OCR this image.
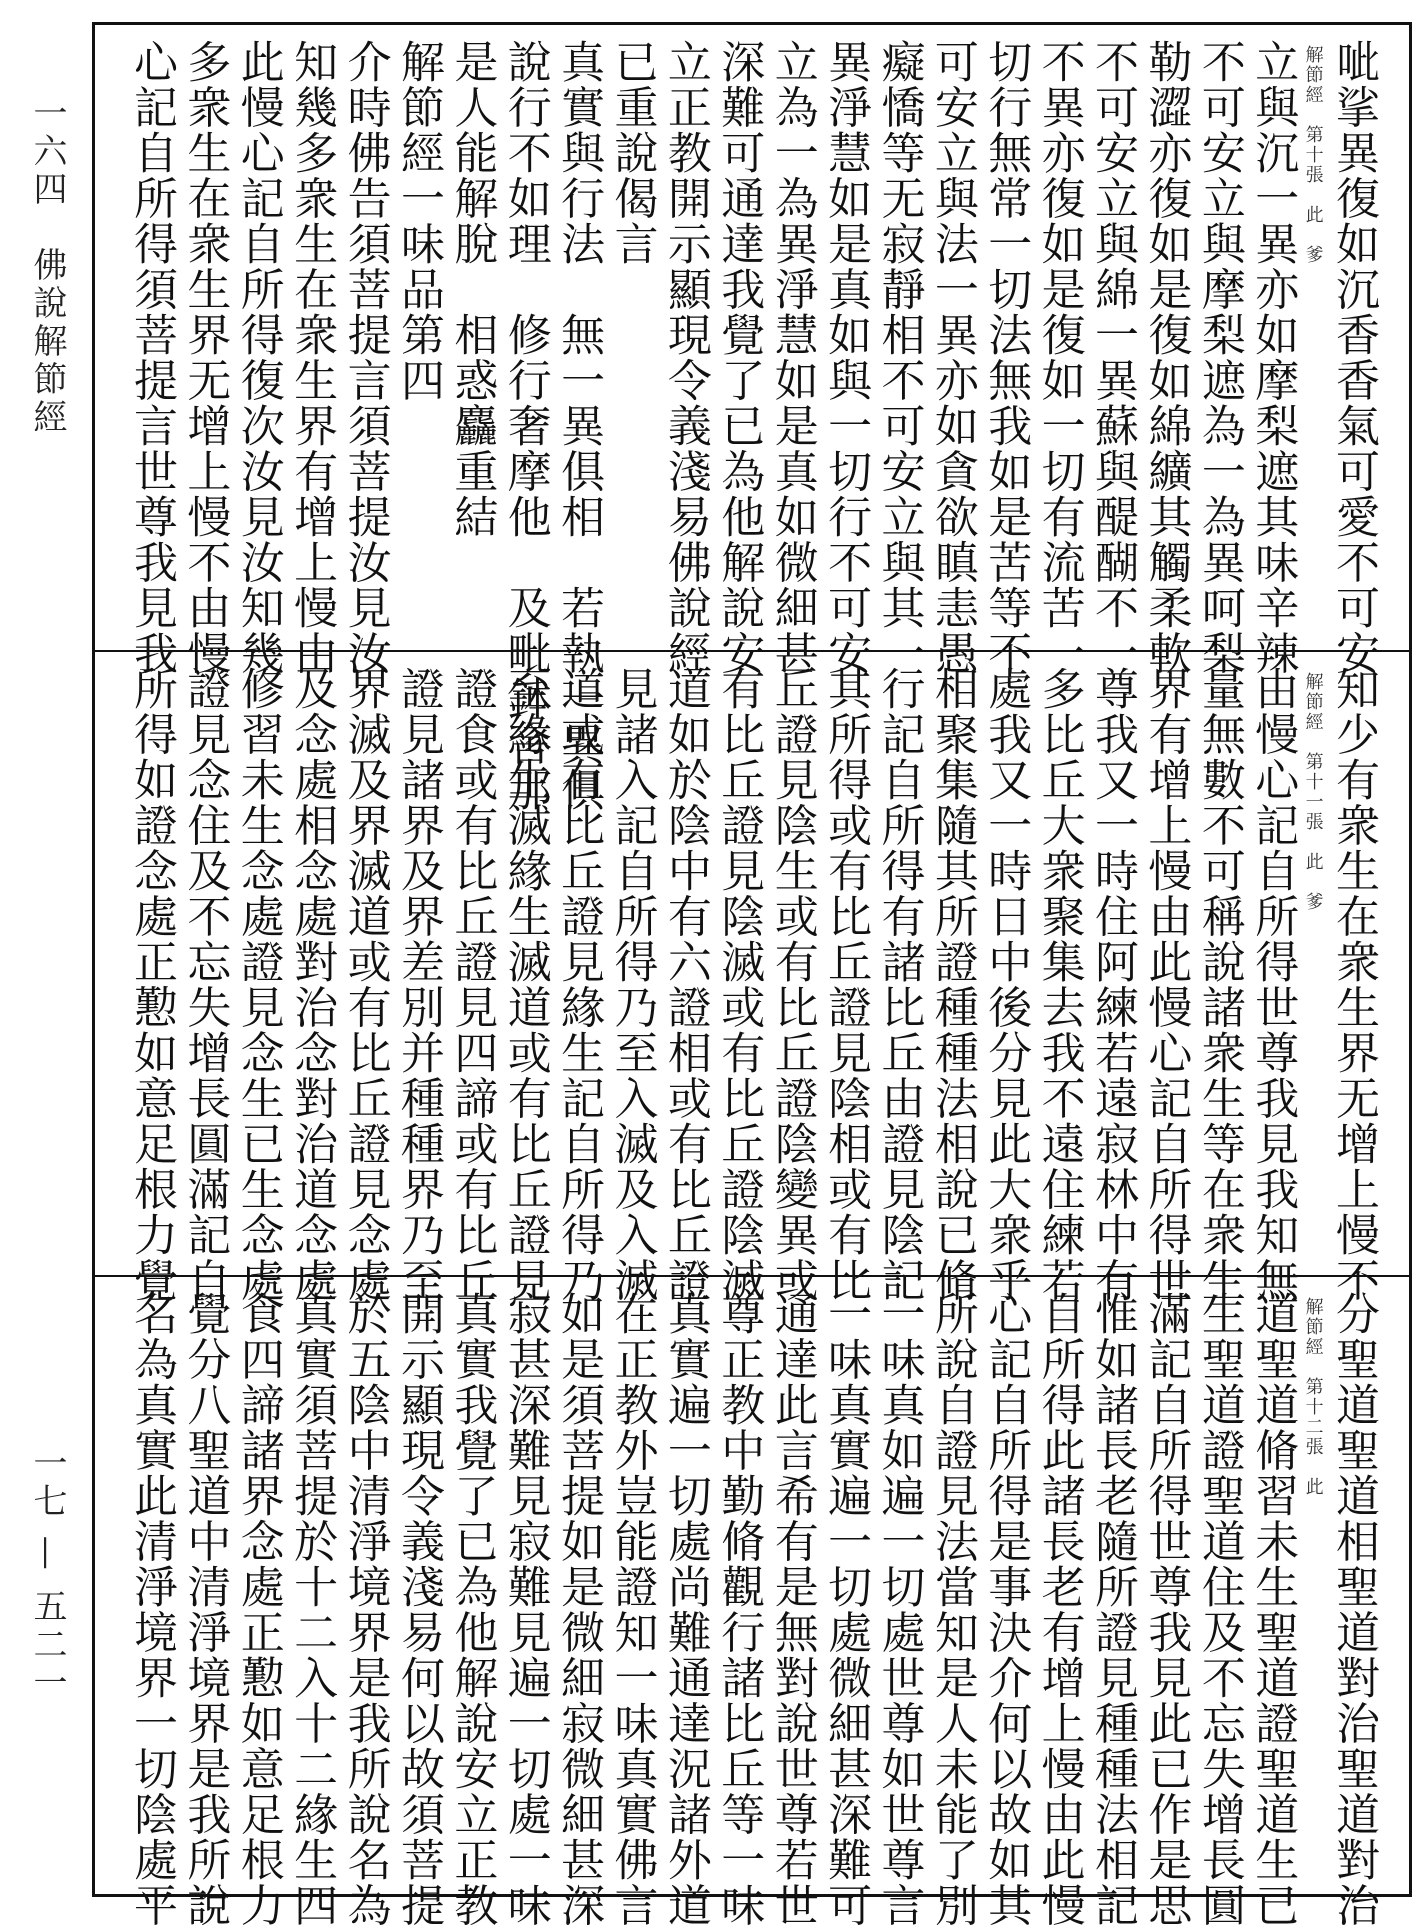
一六四　佛說解節經
一七 — 五二一
呲挲異復如沉香香氣可愛不可安
解節經　第十張　此　爹
立與沉一異亦如摩梨遮其味辛辣
不可安立與摩梨遮為一為異呵梨
勒澀亦復如是復如綿纊其觸柔軟
不可安立與綿一異蘇與醍醐不一
不異亦復如是復如一切有流苦一
切行無常一切法無我如是苦等不
可安立與法一異亦如貪欲瞋恚愚
癡憍等无寂靜相不可安立與其一
異淨慧如是真如與一切行不可安
立為一為異淨慧如是真如微細甚
深難可通達我覺了已為他解說安
立正教開示顯現令義淺易佛說經
已重說偈言
真實與行法　無一異俱相　若執一異俱
說行不如理　修行奢摩他　及毗鉢舍那
是人能解脫　相惑麤重結
解節經一味品第四
介時佛告須菩提言須菩提汝見汝
知幾多衆生在衆生界有增上慢由
此慢心記自所得復次汝見汝知幾
多衆生在衆生界无增上慢不由慢
心記自所得須菩提言世尊我見我
知少有衆生在衆生界无增上慢不
解節經　第十一張　此　爹
由慢心記自所得世尊我見我知無
量無數不可稱說諸衆生等在衆生
界有增上慢由此慢心記自所得世
尊我又一時住阿練若遠寂林中有
多比丘大衆聚集去我不遠住練若
處我又一時日中後分見此大衆乎
相聚集隨其所證種種法相說已脩
行記自所得有諸比丘由證見陰記
其所得或有比丘證見陰相或有比
丘證見陰生或有比丘證陰變異或
有比丘證見陰滅或有比丘證陰滅
道如於陰中有六證相或有比丘證
見諸入記自所得乃至入滅及入滅
道或有比丘證見緣生記自所得乃
至緣生滅緣生滅道或有比丘證見
證食或有比丘證見四諦或有比丘
證見諸界及界差別并種種界乃至
界滅及界滅道或有比丘證見念處
及念處相念處對治念對治道念處
修習未生念處證見念生已生念處
證見念住及不忘失增長圓滿記自
所得如證念處正懃如意足根力覺
分聖道聖道相聖道對治聖道對治
解節經　第十二張　此
道聖道脩習未生聖道證聖道生已
生聖道證聖道住及不忘失增長圓
滿記自所得世尊我見此已作是思
惟如諸長老隨所證見種種法相記
自所得此諸長老有增上慢由此慢
心記自所得是事決介何以故如其
所說自證見法當知是人未能了別
一味真如遍一切處世尊如世尊言
一味真實遍一切處微細甚深難可
通達此言希有是無對說世尊若世
尊正教中勤脩觀行諸比丘等一味
真實遍一切處尚難通達況諸外道
在正教外豈能證知一味真實佛言
如是須菩提如是微細寂微細甚深
寂甚深難見寂難見遍一切處一味
真實我覺了已為他解說安立正教
開示顯現令義淺易何以故須菩提
於五陰中清淨境界是我所說名為
真實須菩提於十二入十二緣生四
食四諦諸界念處正懃如意足根力
覺分八聖道中清淨境界是我所說
名為真實此清淨境界一切陰處平
